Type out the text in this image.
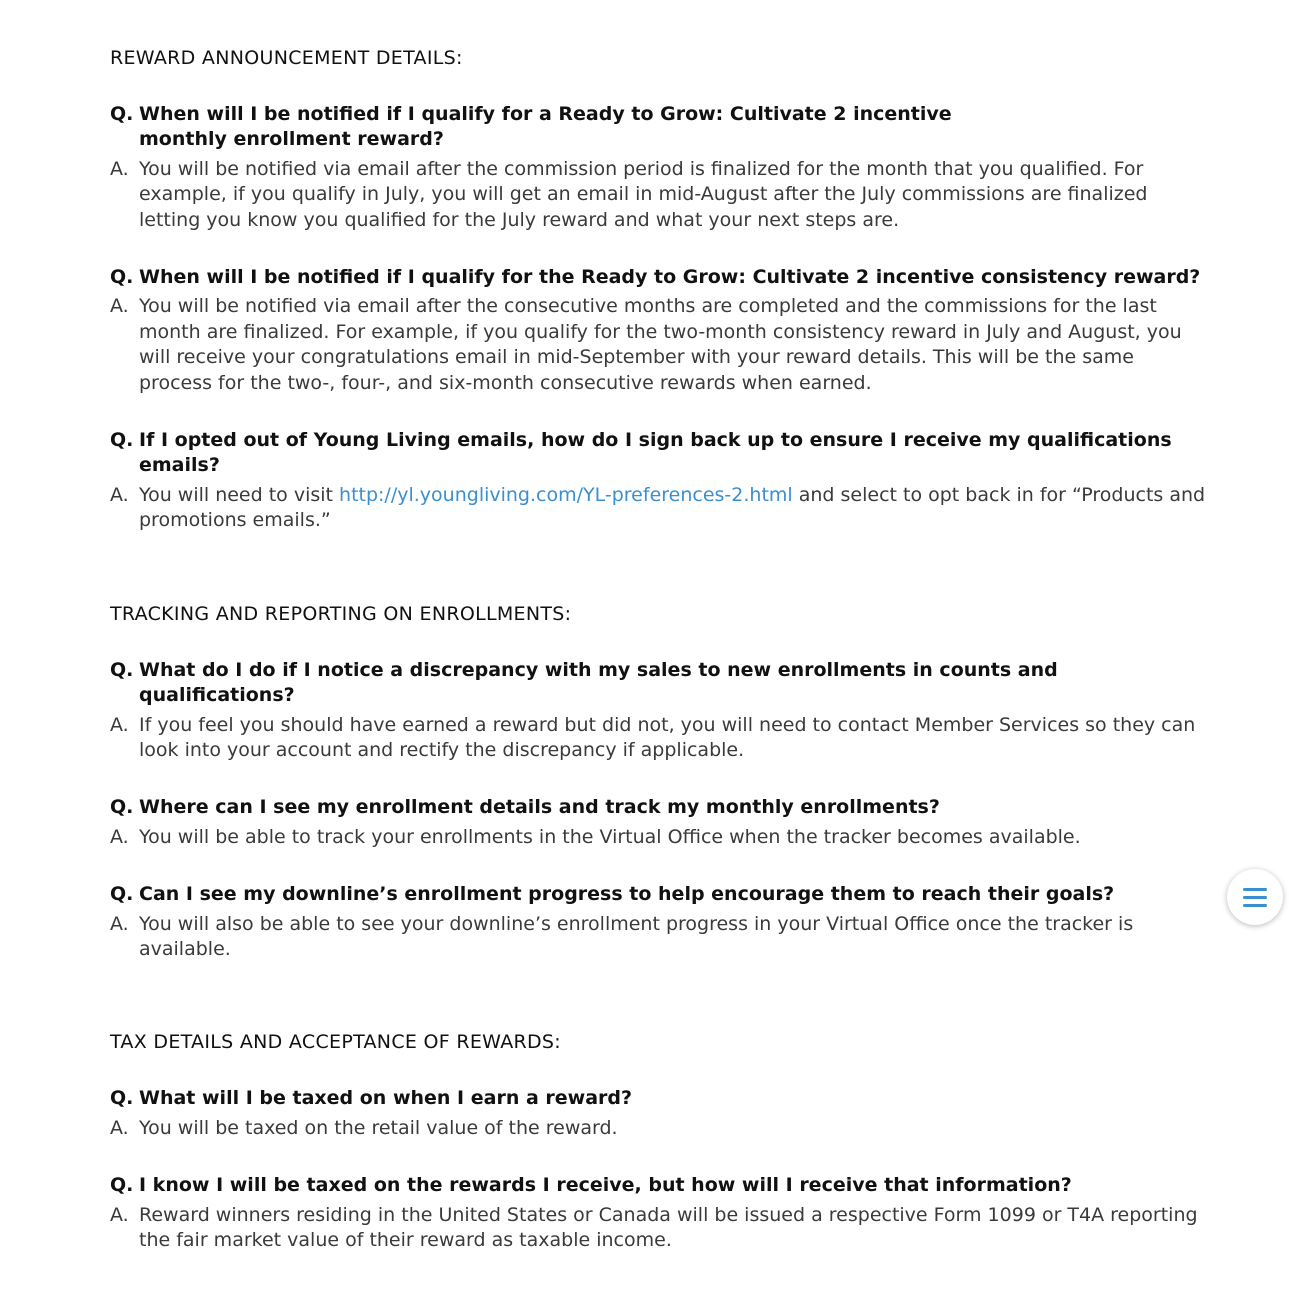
REWARD ANNOUNCEMENT DETAILS:

Q. When will I be notified if I qualify for a Ready to Grow: Cultivate 2 incentive monthly enrollment reward?

A. You will be notified via email after the commission period is finalized for the month that you qualified. For example, if you qualify in July, you will get an email in mid-August after the July commissions are finalized letting you know you qualified for the July reward and what your next steps are.

Q. When will I be notified if I qualify for the Ready to Grow: Cultivate 2 incentive consistency reward?

A. You will be notified via email after the consecutive months are completed and the commissions for the last month are finalized. For example, if you qualify for the two-month consistency reward in July and August, you will receive your congratulations email in mid-September with your reward details. This will be the same process for the two-, four-, and six-month consecutive rewards when earned.

Q. If I opted out of Young Living emails, how do I sign back up to ensure I receive my qualifications emails?

A. You will need to visit http://yl.youngliving.com/YL-preferences-2.html and select to opt back in for “Products and promotions emails.”

TRACKING AND REPORTING ON ENROLLMENTS:

Q. What do I do if I notice a discrepancy with my sales to new enrollments in counts and qualifications?

A. If you feel you should have earned a reward but did not, you will need to contact Member Services so they can look into your account and rectify the discrepancy if applicable.

Q. Where can I see my enrollment details and track my monthly enrollments?

A. You will be able to track your enrollments in the Virtual Office when the tracker becomes available.

Q. Can I see my downline’s enrollment progress to help encourage them to reach their goals?

A. You will also be able to see your downline’s enrollment progress in your Virtual Office once the tracker is available.

TAX DETAILS AND ACCEPTANCE OF REWARDS:

Q. What will I be taxed on when I earn a reward?

A. You will be taxed on the retail value of the reward.

Q. I know I will be taxed on the rewards I receive, but how will I receive that information?

A. Reward winners residing in the United States or Canada will be issued a respective Form 1099 or T4A reporting the fair market value of their reward as taxable income.
